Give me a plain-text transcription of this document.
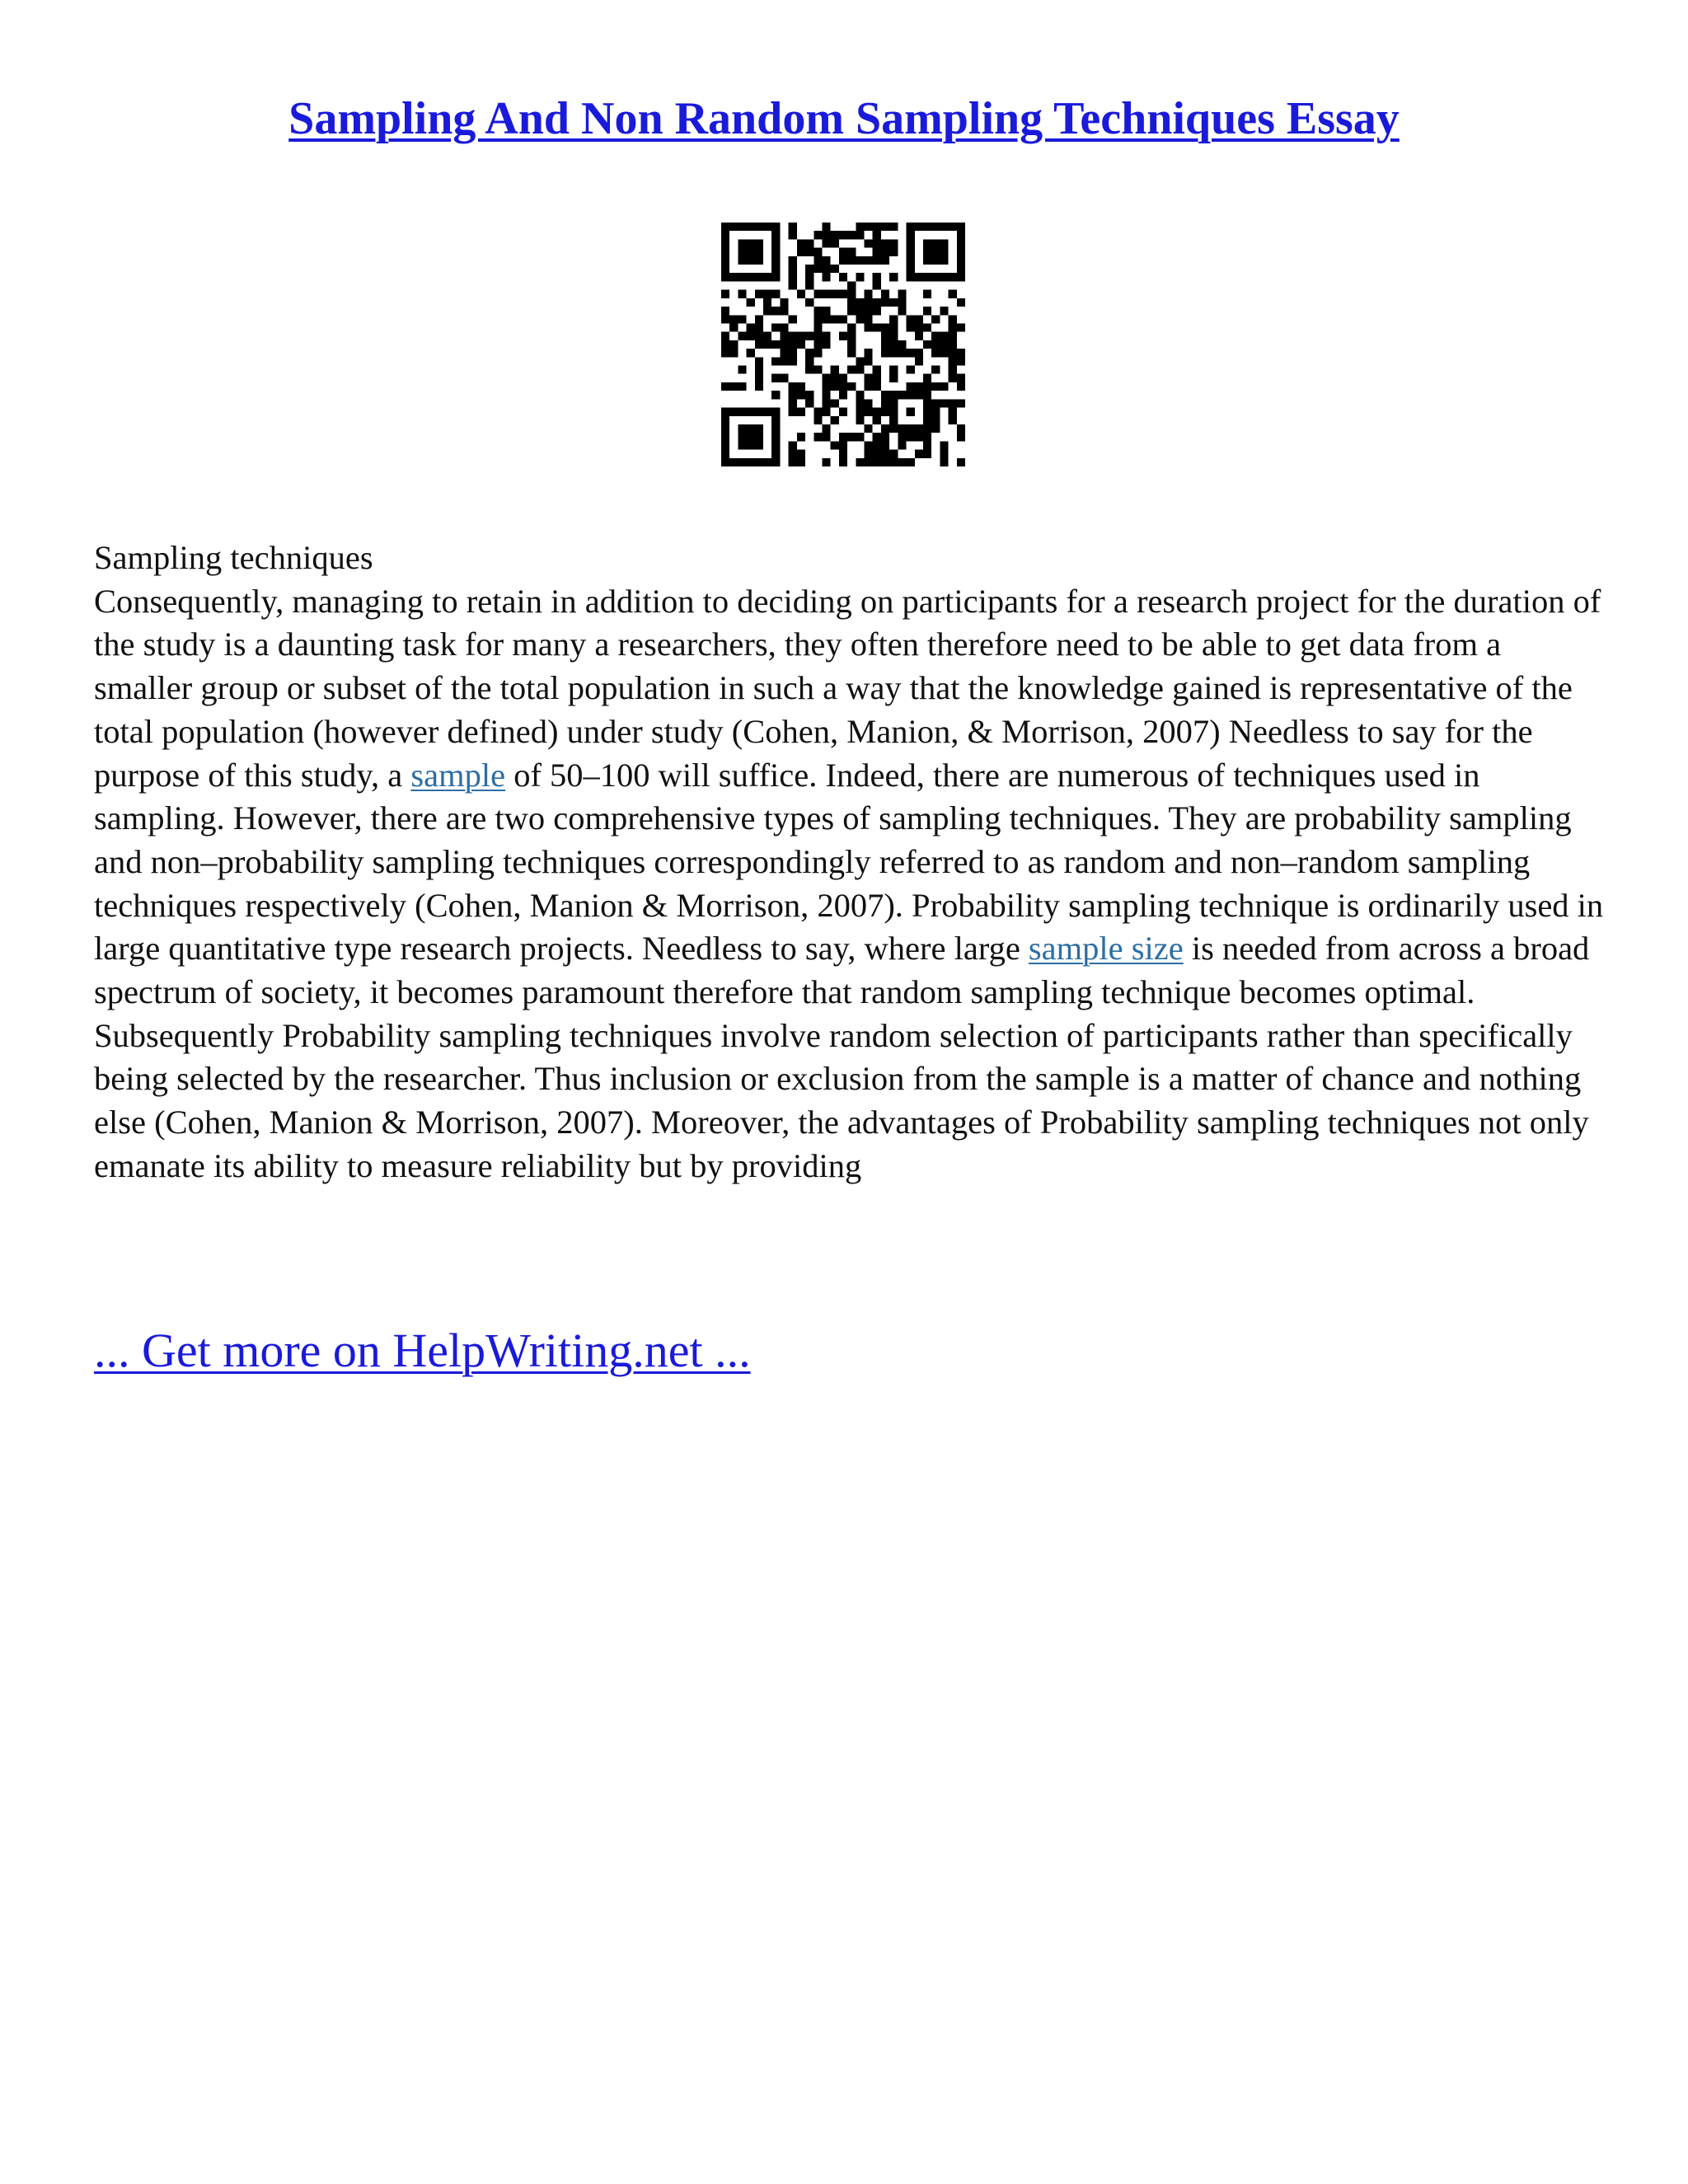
Sampling And Non Random Sampling Techniques Essay

Sampling techniques

Consequently, managing to retain in addition to deciding on participants for a research project for the duration of the study is a daunting task for many a researchers, they often therefore need to be able to get data from a smaller group or subset of the total population in such a way that the knowledge gained is representative of the total population (however defined) under study (Cohen, Manion, & Morrison, 2007) Needless to say for the purpose of this study, a sample of 50–100 will suffice. Indeed, there are numerous of techniques used in sampling. However, there are two comprehensive types of sampling techniques. They are probability sampling and non–probability sampling techniques correspondingly referred to as random and non–random sampling techniques respectively (Cohen, Manion & Morrison, 2007). Probability sampling technique is ordinarily used in large quantitative type research projects. Needless to say, where large sample size is needed from across a broad spectrum of society, it becomes paramount therefore that random sampling technique becomes optimal.

Subsequently Probability sampling techniques involve random selection of participants rather than specifically being selected by the researcher. Thus inclusion or exclusion from the sample is a matter of chance and nothing else (Cohen, Manion & Morrison, 2007). Moreover, the advantages of Probability sampling techniques not only emanate its ability to measure reliability but by providing

... Get more on HelpWriting.net ...
